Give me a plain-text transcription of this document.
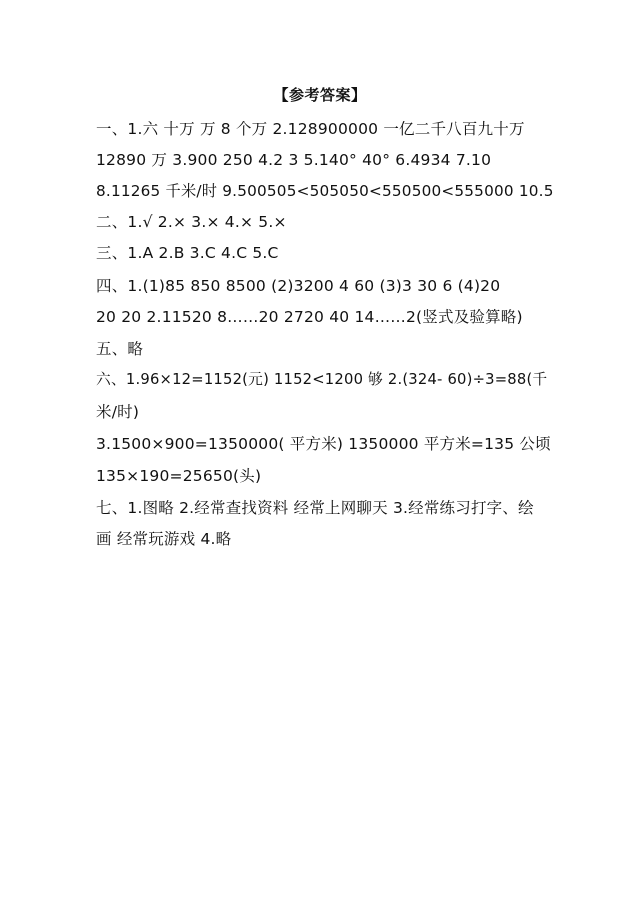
【参考答案】
一、1.六 十万 万 8 个万 2.128900000 一亿二千八百九十万
12890 万 3.900 250 4.2 3 5.140° 40° 6.4934 7.10
8.11265 千米/时 9.500505<505050<550500<555000 10.5
二、1.√ 2.× 3.× 4.× 5.×
三、1.A 2.B 3.C 4.C 5.C
四、1.(1)85 850 8500 (2)3200 4 60 (3)3 30 6 (4)20
20 20 2.11520 8……20 2720 40 14……2(竖式及验算略)
五、略
六、1.96×12=1152(元) 1152<1200 够 2.(324- 60)÷3=88(千
米/时)
3.1500×900=1350000( 平方米) 1350000 平方米=135 公顷
135×190=25650(头)
七、1.图略 2.经常查找资料 经常上网聊天 3.经常练习打字、绘
画 经常玩游戏 4.略
